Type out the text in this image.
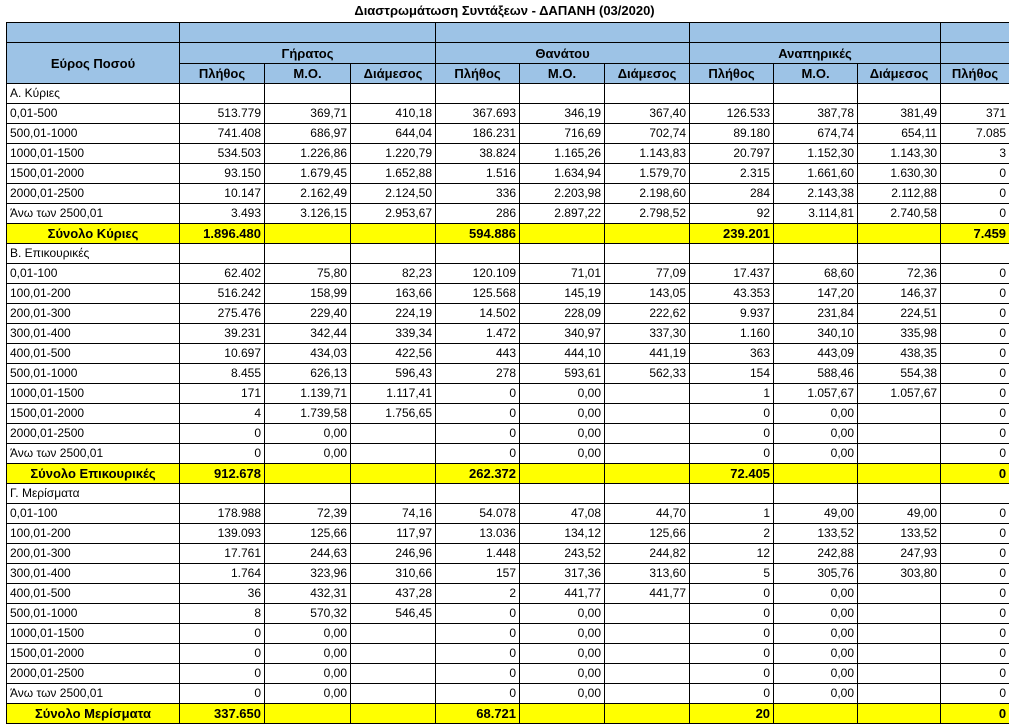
Διαστρωμάτωση Συντάξεων - ΔΑΠΑΝΗ (03/2020)

Εύρος Ποσού	Γήρατος			Θανάτου			Αναπηρικές			
	Πλήθος	Μ.Ο.	Διάμεσος	Πλήθος	Μ.Ο.	Διάμεσος	Πλήθος	Μ.Ο.	Διάμεσος	Πλήθος
Α. Κύριες										
0,01-500	513.779	369,71	410,18	367.693	346,19	367,40	126.533	387,78	381,49	371
500,01-1000	741.408	686,97	644,04	186.231	716,69	702,74	89.180	674,74	654,11	7.085
1000,01-1500	534.503	1.226,86	1.220,79	38.824	1.165,26	1.143,83	20.797	1.152,30	1.143,30	3
1500,01-2000	93.150	1.679,45	1.652,88	1.516	1.634,94	1.579,70	2.315	1.661,60	1.630,30	0
2000,01-2500	10.147	2.162,49	2.124,50	336	2.203,98	2.198,60	284	2.143,38	2.112,88	0
Άνω των 2500,01	3.493	3.126,15	2.953,67	286	2.897,22	2.798,52	92	3.114,81	2.740,58	0
Σύνολο Κύριες	1.896.480			594.886			239.201			7.459
Β. Επικουρικές										
0,01-100	62.402	75,80	82,23	120.109	71,01	77,09	17.437	68,60	72,36	0
100,01-200	516.242	158,99	163,66	125.568	145,19	143,05	43.353	147,20	146,37	0
200,01-300	275.476	229,40	224,19	14.502	228,09	222,62	9.937	231,84	224,51	0
300,01-400	39.231	342,44	339,34	1.472	340,97	337,30	1.160	340,10	335,98	0
400,01-500	10.697	434,03	422,56	443	444,10	441,19	363	443,09	438,35	0
500,01-1000	8.455	626,13	596,43	278	593,61	562,33	154	588,46	554,38	0
1000,01-1500	171	1.139,71	1.117,41	0	0,00		1	1.057,67	1.057,67	0
1500,01-2000	4	1.739,58	1.756,65	0	0,00		0	0,00		0
2000,01-2500	0	0,00		0	0,00		0	0,00		0
Άνω των 2500,01	0	0,00		0	0,00		0	0,00		0
Σύνολο Επικουρικές	912.678			262.372			72.405			0
Γ. Μερίσματα										
0,01-100	178.988	72,39	74,16	54.078	47,08	44,70	1	49,00	49,00	0
100,01-200	139.093	125,66	117,97	13.036	134,12	125,66	2	133,52	133,52	0
200,01-300	17.761	244,63	246,96	1.448	243,52	244,82	12	242,88	247,93	0
300,01-400	1.764	323,96	310,66	157	317,36	313,60	5	305,76	303,80	0
400,01-500	36	432,31	437,28	2	441,77	441,77	0	0,00		0
500,01-1000	8	570,32	546,45	0	0,00		0	0,00		0
1000,01-1500	0	0,00		0	0,00		0	0,00		0
1500,01-2000	0	0,00		0	0,00		0	0,00		0
2000,01-2500	0	0,00		0	0,00		0	0,00		0
Άνω των 2500,01	0	0,00		0	0,00		0	0,00		0
Σύνολο Μερίσματα	337.650			68.721			20			0
